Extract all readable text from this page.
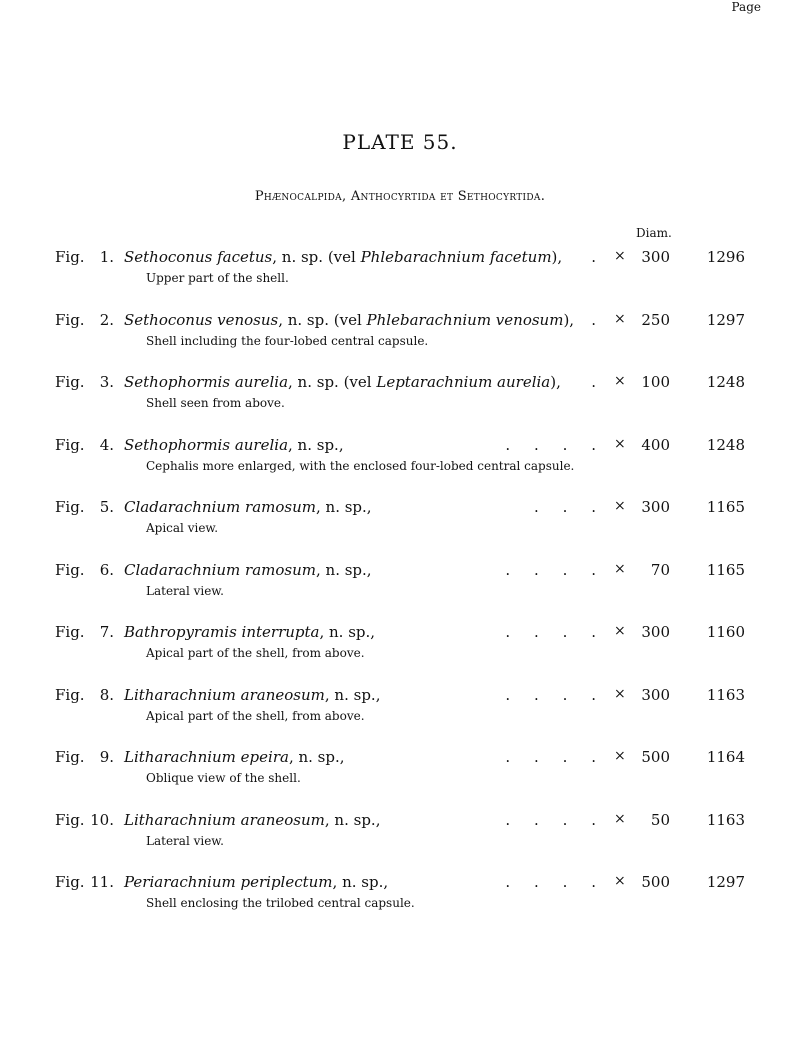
PLATE 55.
Phænocalpida, Anthocyrtida et Sethocyrtida.
Diam.
Page
Fig.	1. Sethoconus facetus, n. sp. (vel Phlebarachnium facetum),	. ×	300	1296
Upper part of the shell.
Fig.	2. Sethoconus venosus, n. sp. (vel Phlebarachnium venosum),	. ×	250	1297
Shell including the four-lobed central capsule.
Fig.	3. Sethophormis aurelia, n. sp. (vel Leptarachnium aurelia),	. ×	100	1248
Shell seen from above.
Fig.	4. Sethophormis aurelia, n. sp.,	.     .     .     . ×	400	1248
Cephalis more enlarged, with the enclosed four-lobed central capsule.
Fig.	5. Cladarachnium ramosum, n. sp.,	.     .     . ×	300	1165
Apical view.
Fig.	6. Cladarachnium ramosum, n. sp.,	.     .     .     . ×	70	1165
Lateral view.
Fig.	7. Bathropyramis interrupta, n. sp.,	.     .     .     . ×	300	1160
Apical part of the shell, from above.
Fig.	8. Litharachnium araneosum, n. sp.,	.     .     .     . ×	300	1163
Apical part of the shell, from above.
Fig.	9. Litharachnium epeira, n. sp.,	.     .     .     . ×	500	1164
Oblique view of the shell.
Fig. 10. Litharachnium araneosum, n. sp.,	.     .     .     . ×	50	1163
Lateral view.
Fig. 11. Periarachnium periplectum, n. sp.,	.     .     .     . ×	500	1297
Shell enclosing the trilobed central capsule.
